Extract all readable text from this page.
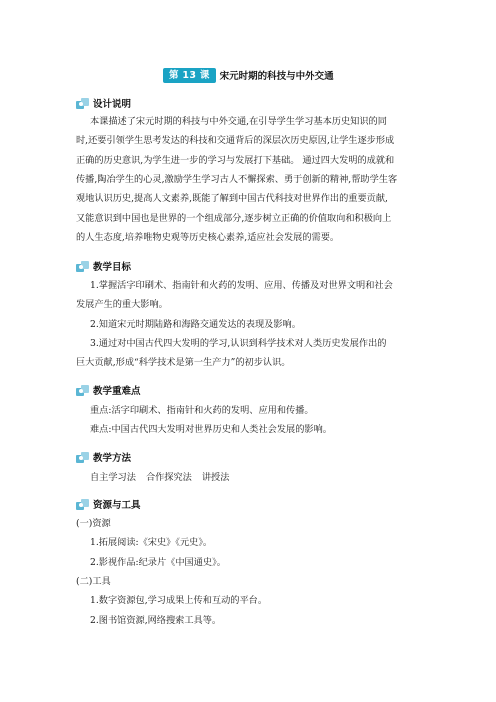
第 13 课	宋元时期的科技与中外交通
设计说明
本课描述了宋元时期的科技与中外交通,在引导学生学习基本历史知识的同
时,还要引领学生思考发达的科技和交通背后的深层次历史原因,让学生逐步形成
正确的历史意识,为学生进一步的学习与发展打下基础。 通过四大发明的成就和
传播,陶冶学生的心灵,激励学生学习古人不懈探索、勇于创新的精神,帮助学生客
观地认识历史,提高人文素养,既能了解到中国古代科技对世界作出的重要贡献,
又能意识到中国也是世界的一个组成部分,逐步树立正确的价值取向和积极向上
的人生态度,培养唯物史观等历史核心素养,适应社会发展的需要。
教学目标
1.掌握活字印刷术、指南针和火药的发明、应用、传播及对世界文明和社会
发展产生的重大影响。
2.知道宋元时期陆路和海路交通发达的表现及影响。
3.通过对中国古代四大发明的学习,认识到科学技术对人类历史发展作出的
巨大贡献,形成“科学技术是第一生产力”的初步认识。
教学重难点
重点:活字印刷术、指南针和火药的发明、应用和传播。
难点:中国古代四大发明对世界历史和人类社会发展的影响。
教学方法
自主学习法 合作探究法 讲授法
资源与工具
(一)资源
1.拓展阅读:《宋史》《元史》。
2.影视作品:纪录片《中国通史》。
(二)工具
1.数字资源包,学习成果上传和互动的平台。
2.图书馆资源,网络搜索工具等。
